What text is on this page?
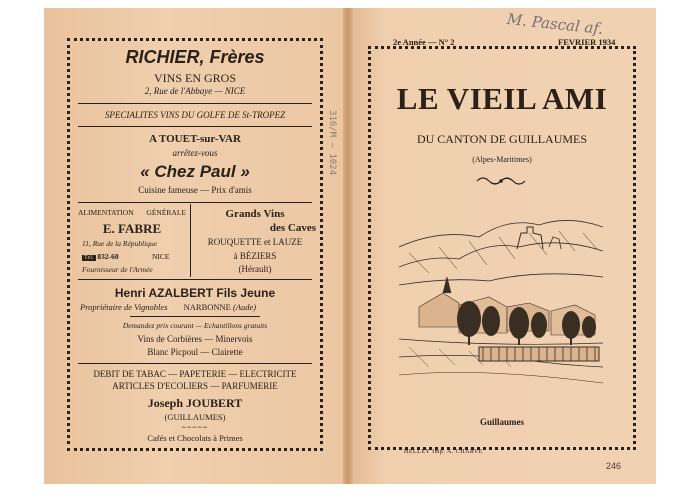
RICHIER, Frères
VINS EN GROS
2, Rue de l'Abbaye — NICE
SPECIALITES VINS DU GOLFE DE St-TROPEZ
A TOUET-sur-VAR
arrêtez-vous
« Chez Paul »
Cuisine fameuse — Prix d'amis
ALIMENTATION GÉNÉRALE
E. FABRE
11, Rue de la République
Tél. 832-60	NICE
Fournisseur de l'Armée
Grands Vins
des Caves
ROUQUETTE et LAUZE
à BÉZIERS
(Hérault)
Henri AZALBERT Fils Jeune
Propriétaire de Vignobles NARBONNE (Aude)
Demandez prix courant — Echantillons gratuits
Vins de Corbières — Minervois
Blanc Picpoul — Clairette
DEBIT DE TABAC — PAPETERIE — ELECTRICITE
ARTICLES D'ECOLIERS — PARFUMERIE
Joseph JOUBERT
(GUILLAUMES)
~~~~~
Cafés et Chocolats à Primes
316/M — 1024
2e Année — N° 2	FEVRIER 1934
M. Pascal af.
LE VIEIL AMI
DU CANTON DE GUILLAUMES
(Alpes-Maritimes)
Guillaumes
HELLEY Imp. A. CHARVE
246
